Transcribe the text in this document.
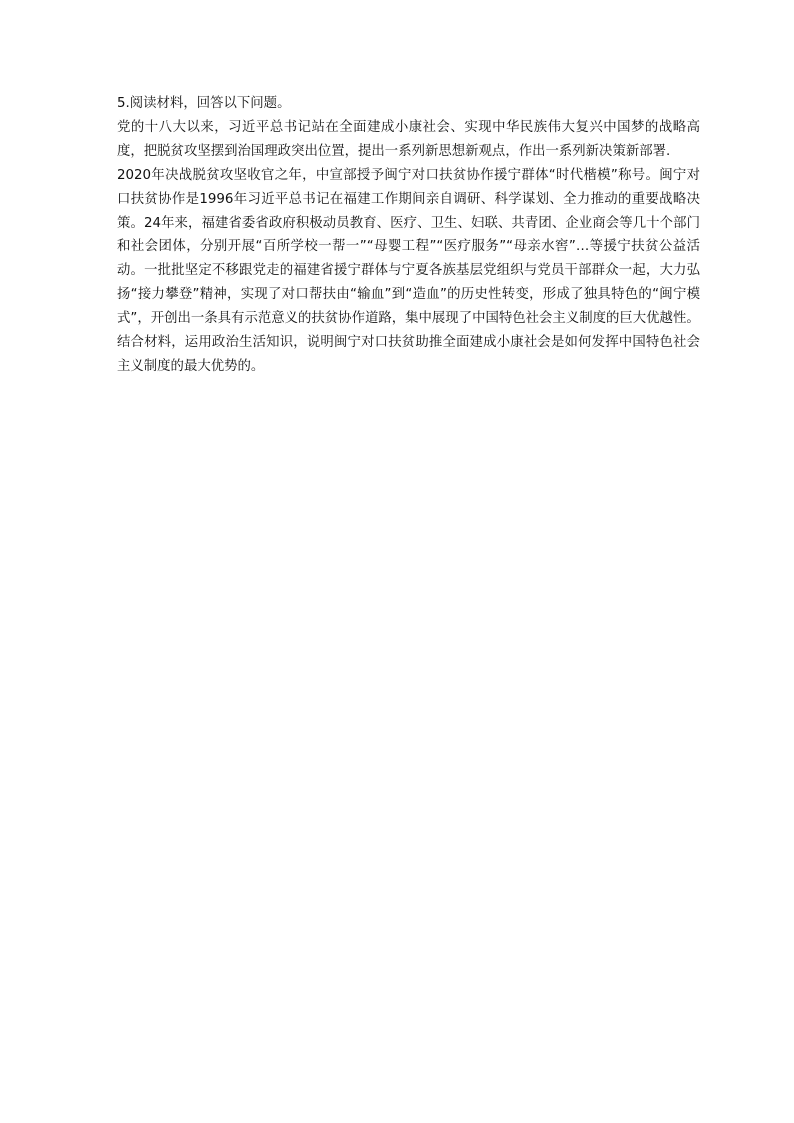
5.阅读材料，回答以下问题。

党的十八大以来，习近平总书记站在全面建成小康社会、实现中华民族伟大复兴中国梦的战略高度，把脱贫攻坚摆到治国理政突出位置，提出一系列新思想新观点，作出一系列新决策新部署.

2020年决战脱贫攻坚收官之年，中宣部授予闽宁对口扶贫协作援宁群体“时代楷模”称号。闽宁对口扶贫协作是1996年习近平总书记在福建工作期间亲自调研、科学谋划、全力推动的重要战略决策。24年来，福建省委省政府积极动员教育、医疗、卫生、妇联、共青团、企业商会等几十个部门和社会团体，分别开展“百所学校一帮一”“母婴工程”“医疗服务”“母亲水窖”…等援宁扶贫公益活动。一批批坚定不移跟党走的福建省援宁群体与宁夏各族基层党组织与党员干部群众一起，大力弘扬“接力攀登”精神，实现了对口帮扶由“输血”到“造血”的历史性转变，形成了独具特色的“闽宁模式”，开创出一条具有示范意义的扶贫协作道路，集中展现了中国特色社会主义制度的巨大优越性。

结合材料，运用政治生活知识，说明闽宁对口扶贫助推全面建成小康社会是如何发挥中国特色社会主义制度的最大优势的。
